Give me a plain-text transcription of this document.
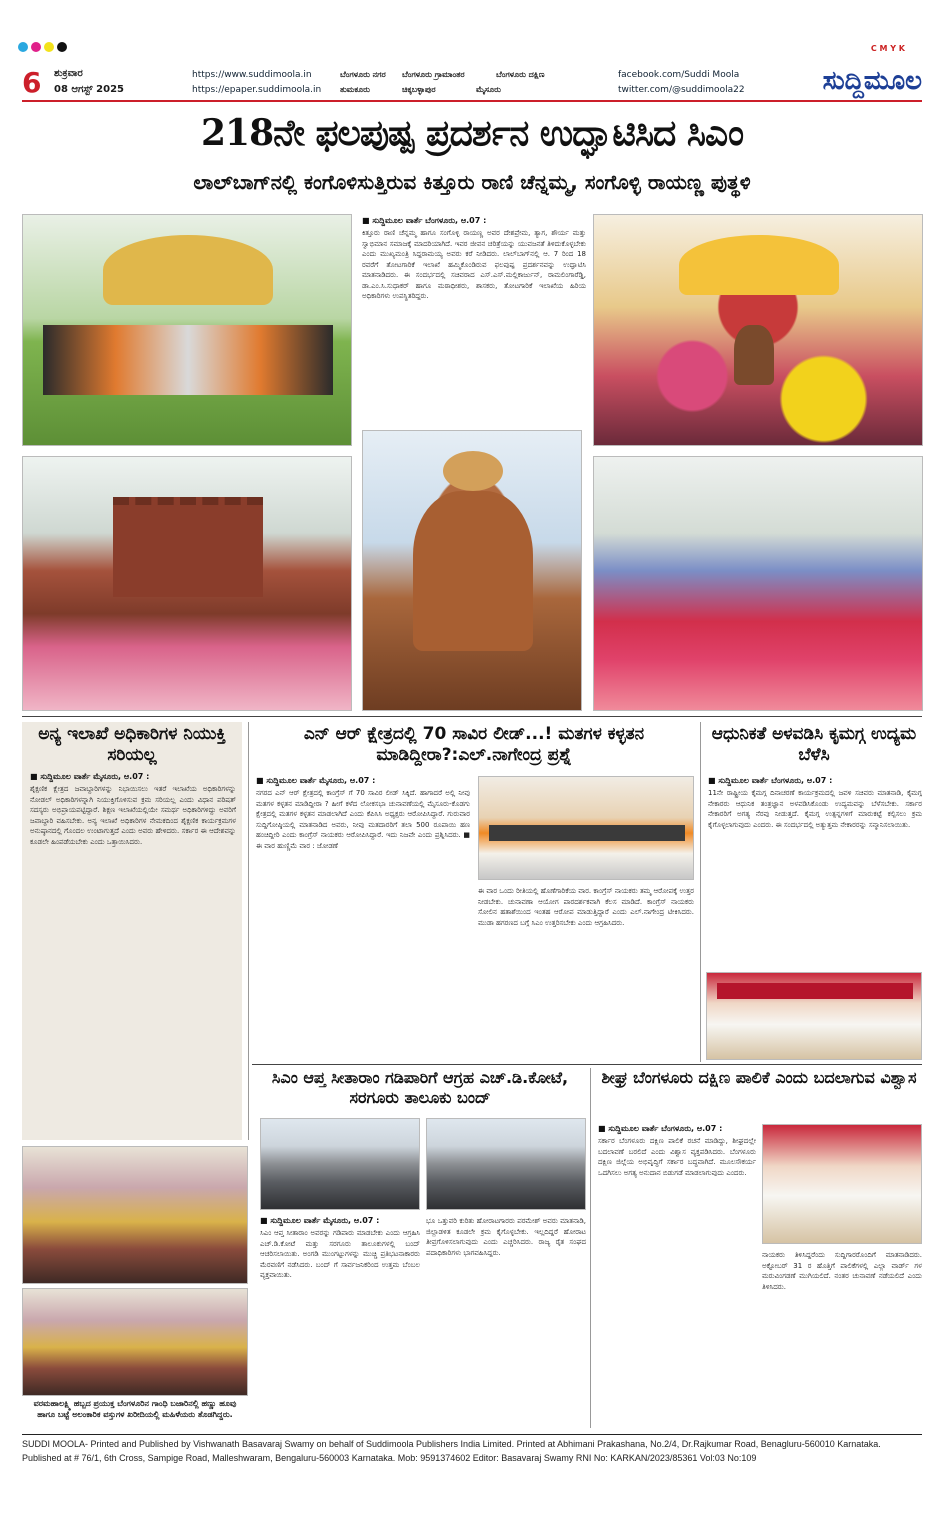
C M Y K
6 ಶುಕ್ರವಾರ
08 ಆಗಸ್ಟ್ 2025
https://www.suddimoola.in
https://epaper.suddimoola.in
ಬೆಂಗಳೂರು ನಗರ ಬೆಂಗಳೂರು ಗ್ರಾಮಾಂತರ	ಬೆಂಗಳೂರು ದಕ್ಷಿಣ
ತುಮಕೂರು	ಚಿಕ್ಕಬಳ್ಳಾಪುರ	ಮೈಸೂರು
facebook.com/Suddi Moola
twitter.com/@suddimoola22	ಸುದ್ದಿಮೂಲ
218ನೇ ಫಲಪುಷ್ಪ ಪ್ರದರ್ಶನ ಉದ್ಘಾಟಿಸಿದ ಸಿಎಂ
ಲಾಲ್‌ಬಾಗ್‌ನಲ್ಲಿ ಕಂಗೊಳಿಸುತ್ತಿರುವ ಕಿತ್ತೂರು ರಾಣಿ ಚೆನ್ನಮ್ಮ, ಸಂಗೊಳ್ಳಿ ರಾಯಣ್ಣ ಪುತ್ಥಳಿ
■ ಸುದ್ದಿಮೂಲ ವಾರ್ತೆ ಬೆಂಗಳೂರು, ಆ.07 :
ಕಿತ್ತೂರು ರಾಣಿ ಚೆನ್ನಮ್ಮ ಹಾಗೂ ಸಂಗೊಳ್ಳಿ ರಾಯಣ್ಣ ಅವರ ದೇಶಪ್ರೇಮ, ತ್ಯಾಗ, ಶೌರ್ಯ ಮತ್ತು ಸ್ವಾಭಿಮಾನ ಸಮಾಜಕ್ಕೆ ಮಾದರಿಯಾಗಿದೆ. ಇವರ ಜೀವನ ಚರಿತ್ರೆಯನ್ನು ಯುವಜನತೆ ತಿಳಿದುಕೊಳ್ಳಬೇಕು ಎಂದು ಮುಖ್ಯಮಂತ್ರಿ ಸಿದ್ದರಾಮಯ್ಯ ಅವರು ಕರೆ ನೀಡಿದರು. ಲಾಲ್‌ಬಾಗ್‌ನಲ್ಲಿ ಆ. 7 ರಿಂದ 18 ರವರೆಗೆ ತೋಟಗಾರಿಕೆ ಇಲಾಖೆ ಹಮ್ಮಿಕೊಂಡಿರುವ ಫಲಪುಷ್ಪ ಪ್ರದರ್ಶನವನ್ನು ಉದ್ಘಾಟಿಸಿ ಮಾತನಾಡಿದರು. ಈ ಸಂದರ್ಭದಲ್ಲಿ ಸಚಿವರಾದ ಎಸ್.ಎಸ್.ಮಲ್ಲಿಕಾರ್ಜುನ್, ರಾಮಲಿಂಗಾರೆಡ್ಡಿ, ಡಾ.ಎಂ.ಸಿ.ಸುಧಾಕರ್ ಹಾಗೂ ಮಠಾಧೀಶರು, ಶಾಸಕರು, ತೋಟಗಾರಿಕೆ ಇಲಾಖೆಯ ಹಿರಿಯ ಅಧಿಕಾರಿಗಳು ಉಪಸ್ಥಿತರಿದ್ದರು.
ಅನ್ಯ ಇಲಾಖೆ ಅಧಿಕಾರಿಗಳ ನಿಯುಕ್ತಿ ಸರಿಯಲ್ಲ
■ ಸುದ್ದಿಮೂಲ ವಾರ್ತೆ ಮೈಸೂರು, ಆ.07 :
ಶೈಕ್ಷಣಿಕ ಕ್ಷೇತ್ರದ ಜವಾಬ್ದಾರಿಗಳನ್ನು ನಿಭಾಯಿಸಲು ಇತರೆ ಇಲಾಖೆಯ ಅಧಿಕಾರಿಗಳನ್ನು ನೋಡಲ್ ಅಧಿಕಾರಿಗಳನ್ನಾಗಿ ನಿಯುಕ್ತಿಗೊಳಿಸುವ ಕ್ರಮ ಸರಿಯಲ್ಲ ಎಂದು ವಿಧಾನ ಪರಿಷತ್ ಸದಸ್ಯರು ಅಭಿಪ್ರಾಯಪಟ್ಟಿದ್ದಾರೆ. ಶಿಕ್ಷಣ ಇಲಾಖೆಯಲ್ಲಿಯೇ ಸಮರ್ಥ ಅಧಿಕಾರಿಗಳಿದ್ದು ಅವರಿಗೆ ಜವಾಬ್ದಾರಿ ವಹಿಸಬೇಕು. ಅನ್ಯ ಇಲಾಖೆ ಅಧಿಕಾರಿಗಳ ನೇಮಕದಿಂದ ಶೈಕ್ಷಣಿಕ ಕಾರ್ಯಕ್ರಮಗಳ ಅನುಷ್ಠಾನದಲ್ಲಿ ಗೊಂದಲ ಉಂಟಾಗುತ್ತದೆ ಎಂದು ಅವರು ಹೇಳಿದರು. ಸರ್ಕಾರ ಈ ಆದೇಶವನ್ನು ಕೂಡಲೇ ಹಿಂಪಡೆಯಬೇಕು ಎಂದು ಒತ್ತಾಯಿಸಿದರು.
ಎನ್ ಆರ್ ಕ್ಷೇತ್ರದಲ್ಲಿ 70 ಸಾವಿರ ಲೀಡ್...! ಮತಗಳ ಕಳ್ಳತನ ಮಾಡಿದ್ದೀರಾ?:ಎಲ್.ನಾಗೇಂದ್ರ ಪ್ರಶ್ನೆ
■ ಸುದ್ದಿಮೂಲ ವಾರ್ತೆ ಮೈಸೂರು, ಆ.07 :
ನಗರದ ಎನ್ ಆರ್ ಕ್ಷೇತ್ರದಲ್ಲಿ ಕಾಂಗ್ರೆಸ್ ಗೆ 70 ಸಾವಿರ ಲೀಡ್ ಸಿಕ್ಕಿದೆ. ಹಾಗಾದರೆ ಅಲ್ಲಿ ನೀವು ಮತಗಳ ಕಳ್ಳತನ ಮಾಡಿದ್ದೀರಾ ? ಹೀಗೆ ಕಳೆದ ಲೋಕಸಭಾ ಚುನಾವಣೆಯಲ್ಲಿ ಮೈಸೂರು-ಕೊಡಗು ಕ್ಷೇತ್ರದಲ್ಲಿ ಮತಗಳ ಕಳ್ಳತನ ಮಾಡಲಾಗಿದೆ ಎಂದು ಕೆಪಿಸಿಸಿ ಅಧ್ಯಕ್ಷರು ಆರೋಪಿಸಿದ್ದಾರೆ. ಗುರುವಾರ ಸುದ್ದಿಗೋಷ್ಠಿಯಲ್ಲಿ ಮಾತನಾಡಿದ ಅವರು, ನೀವು ಮತದಾರರಿಗೆ ತಲಾ 500 ರೂಪಾಯಿ ಹಣ ಹಂಚಿದ್ದೀರಿ ಎಂದು ಕಾಂಗ್ರೆಸ್ ನಾಯಕರು ಆರೋಪಿಸಿದ್ದಾರೆ. ಇದು ನಿಜವೇ ಎಂದು ಪ್ರಶ್ನಿಸಿದರು. ■ ಈ ವಾರ ಹುಣ್ಣಿಮೆ ವಾರ : ಜೋಡಣೆ
ಈ ವಾರ ಒಂದು ರೀತಿಯಲ್ಲಿ ಹೊಣೆಗಾರಿಕೆಯ ವಾರ. ಕಾಂಗ್ರೆಸ್ ನಾಯಕರು ತಮ್ಮ ಆರೋಪಕ್ಕೆ ಉತ್ತರ ನೀಡಬೇಕು. ಚುನಾವಣಾ ಆಯೋಗ ಪಾರದರ್ಶಕವಾಗಿ ಕೆಲಸ ಮಾಡಿದೆ. ಕಾಂಗ್ರೆಸ್ ನಾಯಕರು ಸೋಲಿನ ಹತಾಶೆಯಿಂದ ಇಂತಹ ಆರೋಪ ಮಾಡುತ್ತಿದ್ದಾರೆ ಎಂದು ಎಲ್.ನಾಗೇಂದ್ರ ಟೀಕಿಸಿದರು. ಮುಡಾ ಹಗರಣದ ಬಗ್ಗೆ ಸಿಎಂ ಉತ್ತರಿಸಬೇಕು ಎಂದು ಆಗ್ರಹಿಸಿದರು.
ಆಧುನಿಕತೆ ಅಳವಡಿಸಿ ಕೃಮಗ್ಗ ಉದ್ಯಮ ಬೆಳೆಸಿ
■ ಸುದ್ದಿಮೂಲ ವಾರ್ತೆ ಬೆಂಗಳೂರು, ಆ.07 :
11ನೇ ರಾಷ್ಟ್ರೀಯ ಕೈಮಗ್ಗ ದಿನಾಚರಣೆ ಕಾರ್ಯಕ್ರಮದಲ್ಲಿ ಜವಳಿ ಸಚಿವರು ಮಾತನಾಡಿ, ಕೈಮಗ್ಗ ನೇಕಾರರು ಆಧುನಿಕ ತಂತ್ರಜ್ಞಾನ ಅಳವಡಿಸಿಕೊಂಡು ಉದ್ಯಮವನ್ನು ಬೆಳೆಸಬೇಕು. ಸರ್ಕಾರ ನೇಕಾರರಿಗೆ ಅಗತ್ಯ ನೆರವು ನೀಡುತ್ತದೆ. ಕೈಮಗ್ಗ ಉತ್ಪನ್ನಗಳಿಗೆ ಮಾರುಕಟ್ಟೆ ಕಲ್ಪಿಸಲು ಕ್ರಮ ಕೈಗೊಳ್ಳಲಾಗುವುದು ಎಂದರು. ಈ ಸಂದರ್ಭದಲ್ಲಿ ಅತ್ಯುತ್ತಮ ನೇಕಾರರನ್ನು ಸನ್ಮಾನಿಸಲಾಯಿತು.
ಸಿಎಂ ಆಪ್ತ ಸೀತಾರಾಂ ಗಡಿಪಾರಿಗೆ ಆಗ್ರಹ ಎಚ್.ಡಿ.ಕೋಟೆ, ಸರಗೂರು ತಾಲೂಕು ಬಂದ್
■ ಸುದ್ದಿಮೂಲ ವಾರ್ತೆ ಮೈಸೂರು, ಆ.07 :
ಸಿಎಂ ಆಪ್ತ ಸೀತಾರಾಂ ಅವರನ್ನು ಗಡಿಪಾರು ಮಾಡಬೇಕು ಎಂದು ಆಗ್ರಹಿಸಿ ಎಚ್.ಡಿ.ಕೋಟೆ ಮತ್ತು ಸರಗೂರು ತಾಲೂಕುಗಳಲ್ಲಿ ಬಂದ್ ಆಚರಿಸಲಾಯಿತು. ಅಂಗಡಿ ಮುಂಗಟ್ಟುಗಳನ್ನು ಮುಚ್ಚಿ ಪ್ರತಿಭಟನಾಕಾರರು ಮೆರವಣಿಗೆ ನಡೆಸಿದರು. ಬಂದ್ ಗೆ ಸಾರ್ವಜನಿಕರಿಂದ ಉತ್ತಮ ಬೆಂಬಲ ವ್ಯಕ್ತವಾಯಿತು.
ಭೂ ಒತ್ತುವರಿ ಕುರಿತು ಹೋರಾಟಗಾರರು ಪರಮೇಶ್ ಅವರು ಮಾತನಾಡಿ, ಜಿಲ್ಲಾಡಳಿತ ಕೂಡಲೇ ಕ್ರಮ ಕೈಗೊಳ್ಳಬೇಕು. ಇಲ್ಲದಿದ್ದರೆ ಹೋರಾಟ ತೀವ್ರಗೊಳಿಸಲಾಗುವುದು ಎಂದು ಎಚ್ಚರಿಸಿದರು. ರಾಜ್ಯ ರೈತ ಸಂಘದ ಪದಾಧಿಕಾರಿಗಳು ಭಾಗವಹಿಸಿದ್ದರು.
ಶೀಘ್ರ ಬೆಂಗಳೂರು ದಕ್ಷಿಣ ಪಾಲಿಕೆ ಎಂದು ಬದಲಾಗುವ ವಿಶ್ವಾಸ
■ ಸುದ್ದಿಮೂಲ ವಾರ್ತೆ ಬೆಂಗಳೂರು, ಆ.07 :
ಸರ್ಕಾರ ಬೆಂಗಳೂರು ದಕ್ಷಿಣ ಪಾಲಿಕೆ ರಚನೆ ಮಾಡಿದ್ದು, ಶೀಘ್ರದಲ್ಲೇ ಬದಲಾವಣೆ ಬರಲಿದೆ ಎಂದು ವಿಶ್ವಾಸ ವ್ಯಕ್ತಪಡಿಸಿದರು. ಬೆಂಗಳೂರು ದಕ್ಷಿಣ ಜಿಲ್ಲೆಯ ಅಭಿವೃದ್ಧಿಗೆ ಸರ್ಕಾರ ಬದ್ಧವಾಗಿದೆ. ಮೂಲಸೌಕರ್ಯ ಒದಗಿಸಲು ಅಗತ್ಯ ಅನುದಾನ ಬಿಡುಗಡೆ ಮಾಡಲಾಗುವುದು ಎಂದರು.
ನಾಯಕರು ತಿಳಿಸಿದ್ದರೆಂದು ಸುದ್ದಿಗಾರರೊಂದಿಗೆ ಮಾತನಾಡಿದರು. ಅಕ್ಟೋಬರ್ 31 ರ ಹೊತ್ತಿಗೆ ಪಾಲಿಕೆಗಳಲ್ಲಿ ಎಲ್ಲಾ ವಾರ್ಡ್ ಗಳ ಮರುವಿಂಗಡಣೆ ಮುಗಿಯಲಿದೆ. ನಂತರ ಚುನಾವಣೆ ನಡೆಯಲಿದೆ ಎಂದು ತಿಳಿಸಿದರು.
ವರಮಹಾಲಕ್ಷ್ಮಿ ಹಬ್ಬದ ಪ್ರಯುಕ್ತ ಬೆಂಗಳೂರಿನ ಗಾಂಧಿ ಬಜಾರಿನಲ್ಲಿ ಹಣ್ಣು ಹೂವು ಹಾಗೂ ಬಟ್ಟೆ ಅಲಂಕಾರಿಕ ವಸ್ತುಗಳ ಖರೀದಿಯಲ್ಲಿ ಮಹಿಳೆಯರು ತೊಡಗಿದ್ದರು.
SUDDI MOOLA- Printed and Published by Vishwanath Basavaraj Swamy on behalf of Suddimoola Publishers India Limited. Printed at Abhimani Prakashana, No.2/4, Dr.Rajkumar Road, Benagluru-560010 Karnataka.
Published at # 76/1, 6th Cross, Sampige Road, Malleshwaram, Bengaluru-560003 Karnataka. Mob: 9591374602 Editor: Basavaraj Swamy RNI No: KARKAN/2023/85361 Vol:03 No:109
